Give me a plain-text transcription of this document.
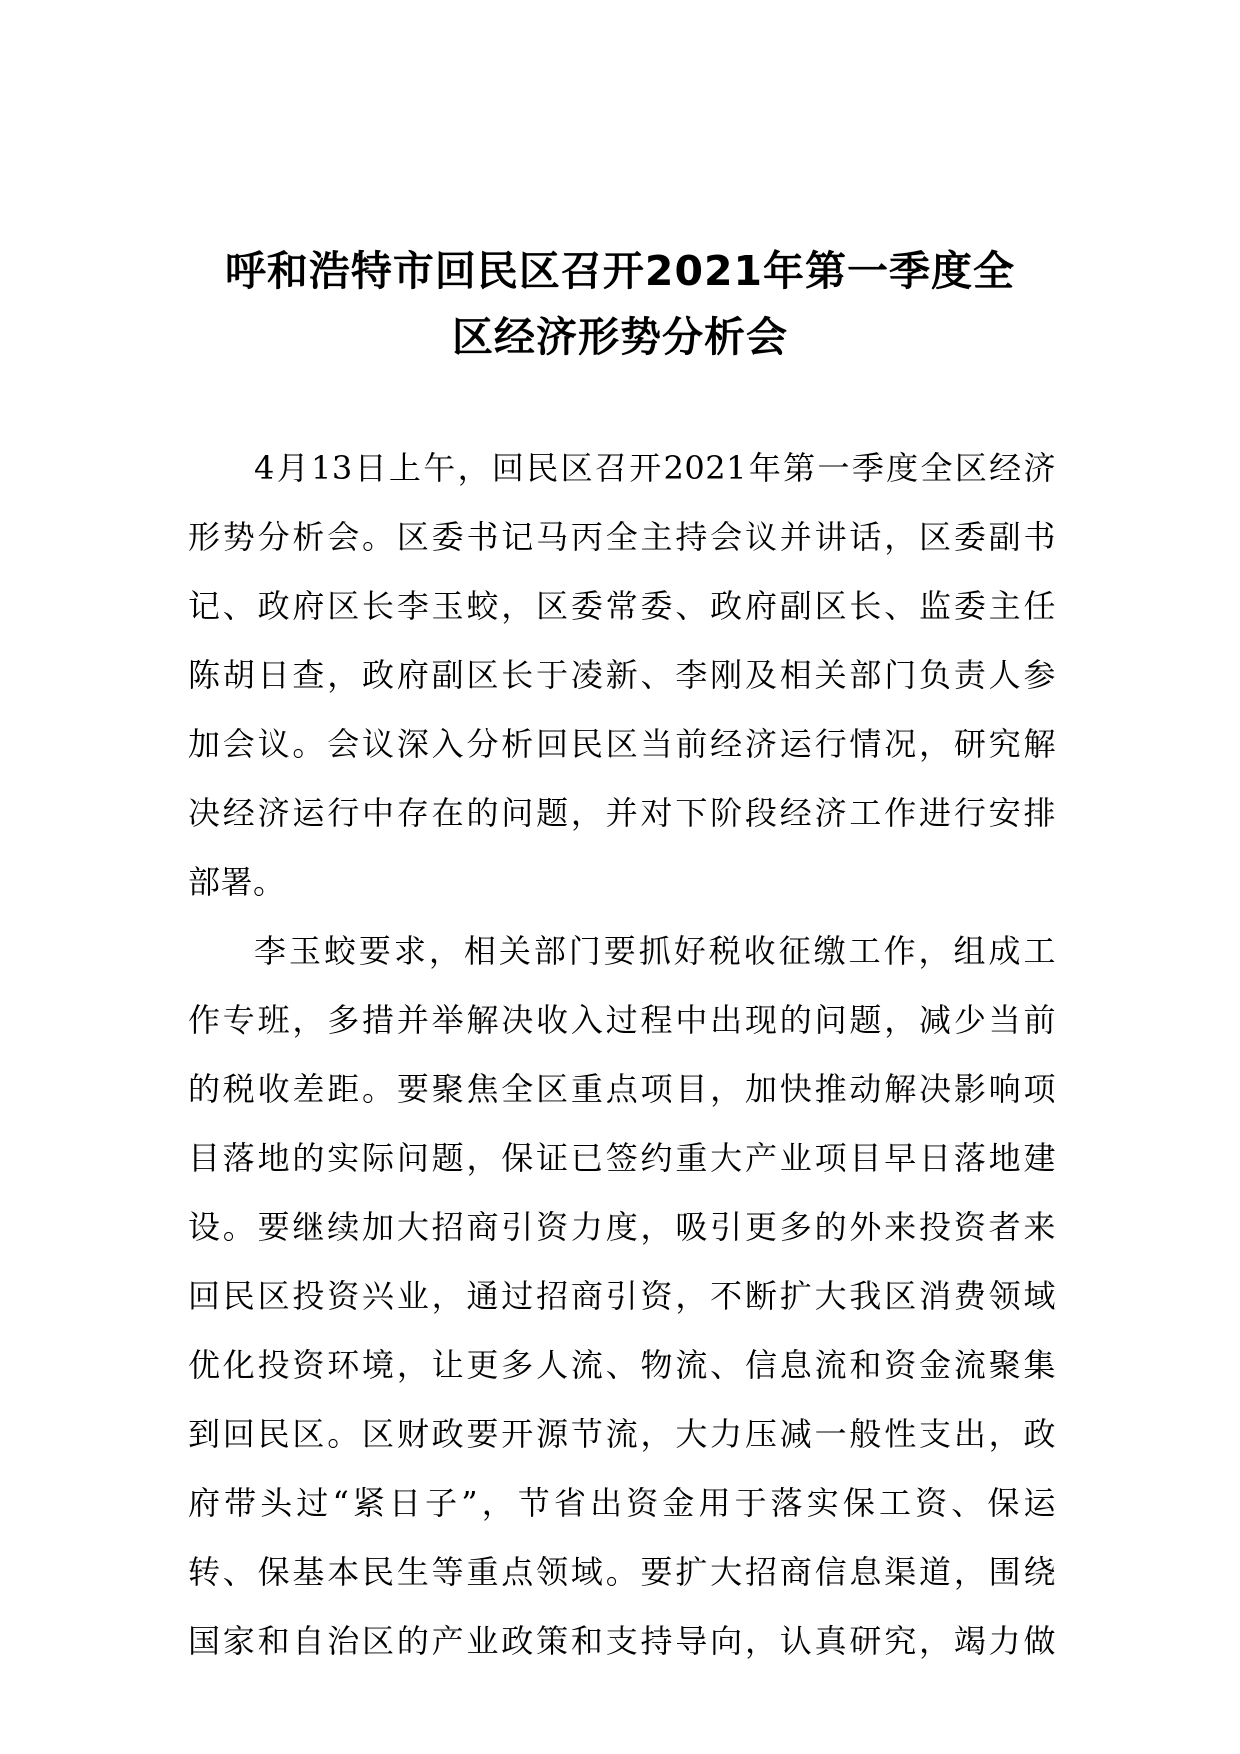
呼和浩特市回民区召开2021年第一季度全
区经济形势分析会
4月13日上午，回民区召开2021年第一季度全区经济
形势分析会。区委书记马丙全主持会议并讲话，区委副书
记、政府区长李玉蛟，区委常委、政府副区长、监委主任
陈胡日查，政府副区长于凌新、李刚及相关部门负责人参
加会议。会议深入分析回民区当前经济运行情况，研究解
决经济运行中存在的问题，并对下阶段经济工作进行安排
部署。
李玉蛟要求，相关部门要抓好税收征缴工作，组成工
作专班，多措并举解决收入过程中出现的问题，减少当前
的税收差距。要聚焦全区重点项目，加快推动解决影响项
目落地的实际问题，保证已签约重大产业项目早日落地建
设。要继续加大招商引资力度，吸引更多的外来投资者来
回民区投资兴业，通过招商引资，不断扩大我区消费领域
优化投资环境，让更多人流、物流、信息流和资金流聚集
到回民区。区财政要开源节流，大力压减一般性支出，政
府带头过“紧日子”，节省出资金用于落实保工资、保运
转、保基本民生等重点领域。要扩大招商信息渠道，围绕
国家和自治区的产业政策和支持导向，认真研究，竭力做
